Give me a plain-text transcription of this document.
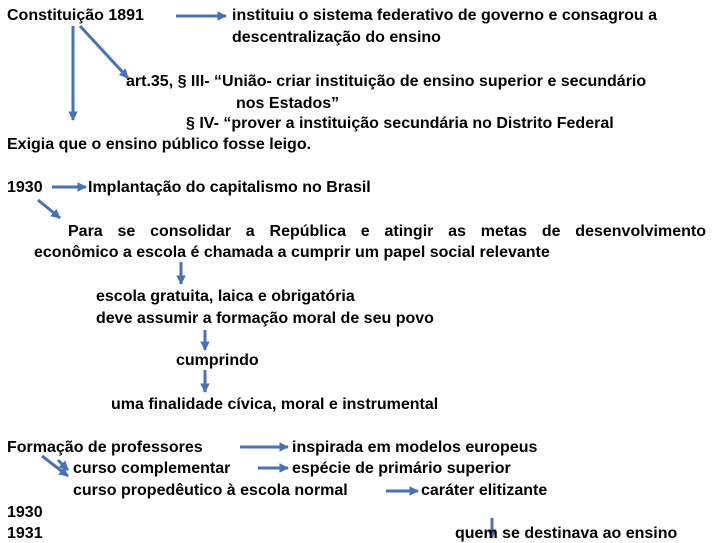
Constituição 1891	instituiu o sistema federativo de governo e consagrou a
descentralização do ensino
art.35, § III- “União- criar instituição de ensino superior e secundário
nos Estados”
§ IV- “prover a instituição secundária no Distrito Federal
Exigia que o ensino público fosse leigo.
1930	Implantação do capitalismo no Brasil
Para se consolidar a República e atingir as metas de desenvolvimento
econômico a escola é chamada a cumprir um papel social relevante
escola gratuita, laica e obrigatória
deve assumir a formação moral de seu povo
cumprindo
uma finalidade cívica, moral e instrumental
Formação de professores	inspirada em modelos europeus
curso complementar	espécie de primário superior
curso propedêutico à escola normal	caráter elitizante
1930
1931	quem se destinava ao ensino
